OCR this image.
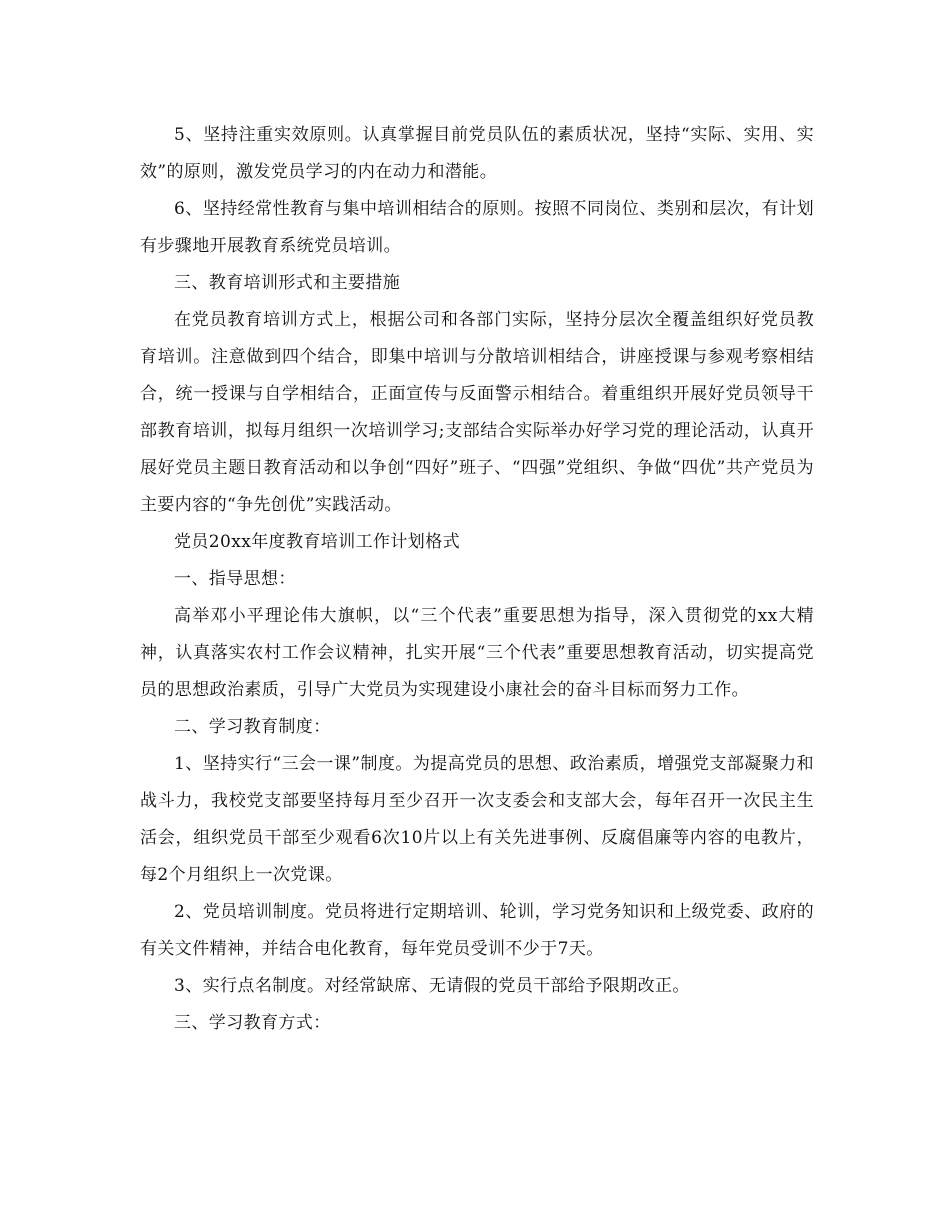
5、坚持注重实效原则。认真掌握目前党员队伍的素质状况，坚持“实际、实用、实效”的原则，激发党员学习的内在动力和潜能。

6、坚持经常性教育与集中培训相结合的原则。按照不同岗位、类别和层次，有计划有步骤地开展教育系统党员培训。

三、教育培训形式和主要措施

在党员教育培训方式上，根据公司和各部门实际，坚持分层次全覆盖组织好党员教育培训。注意做到四个结合，即集中培训与分散培训相结合，讲座授课与参观考察相结合，统一授课与自学相结合，正面宣传与反面警示相结合。着重组织开展好党员领导干部教育培训，拟每月组织一次培训学习;支部结合实际举办好学习党的理论活动，认真开展好党员主题日教育活动和以争创“四好”班子、“四强”党组织、争做“四优”共产党员为主要内容的“争先创优”实践活动。

党员20xx年度教育培训工作计划格式

一、指导思想：

高举邓小平理论伟大旗帜，以“三个代表”重要思想为指导，深入贯彻党的xx大精神，认真落实农村工作会议精神，扎实开展“三个代表”重要思想教育活动，切实提高党员的思想政治素质，引导广大党员为实现建设小康社会的奋斗目标而努力工作。

二、学习教育制度：

1、坚持实行“三会一课”制度。为提高党员的思想、政治素质，增强党支部凝聚力和战斗力，我校党支部要坚持每月至少召开一次支委会和支部大会，每年召开一次民主生活会，组织党员干部至少观看6次10片以上有关先进事例、反腐倡廉等内容的电教片，每2个月组织上一次党课。

2、党员培训制度。党员将进行定期培训、轮训，学习党务知识和上级党委、政府的有关文件精神，并结合电化教育，每年党员受训不少于7天。

3、实行点名制度。对经常缺席、无请假的党员干部给予限期改正。

三、学习教育方式：
